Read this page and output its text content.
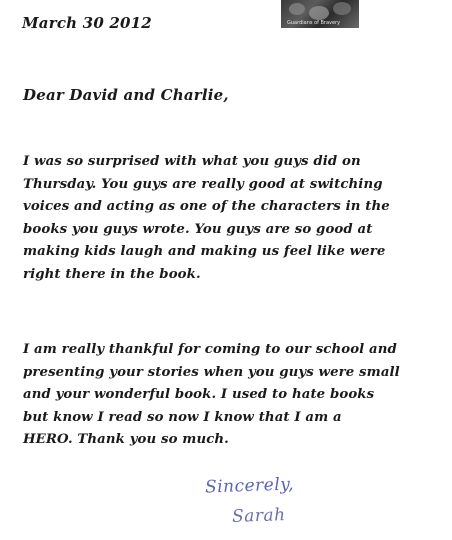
March 30 2012	Guardians of Bravery
Dear David and Charlie,
I was so surprised with what you guys did on
Thursday. You guys are really good at switching
voices and acting as one of the characters in the
books you guys wrote. You guys are so good at
making kids laugh and making us feel like were
right there in the book.
I am really thankful for coming to our school and
presenting your stories when you guys were small
and your wonderful book. I used to hate books
but know I read so now I know that I am a
HERO. Thank you so much.
Sincerely,
Sarah
